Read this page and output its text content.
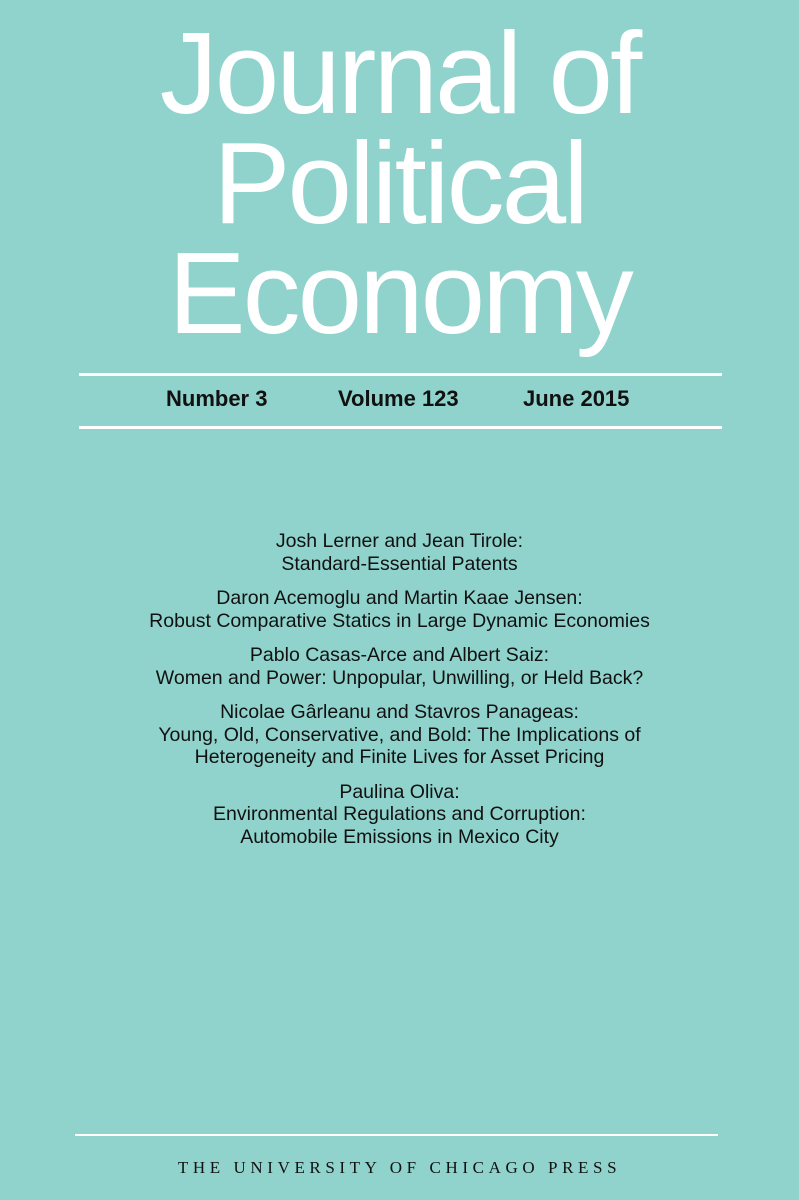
Journal of
Political
Economy
Number 3	Volume 123	June 2015
Josh Lerner and Jean Tirole:
Standard-Essential Patents
Daron Acemoglu and Martin Kaae Jensen:
Robust Comparative Statics in Large Dynamic Economies
Pablo Casas-Arce and Albert Saiz:
Women and Power: Unpopular, Unwilling, or Held Back?
Nicolae Gârleanu and Stavros Panageas:
Young, Old, Conservative, and Bold: The Implications of
Heterogeneity and Finite Lives for Asset Pricing
Paulina Oliva:
Environmental Regulations and Corruption:
Automobile Emissions in Mexico City
THE UNIVERSITY OF CHICAGO PRESS
